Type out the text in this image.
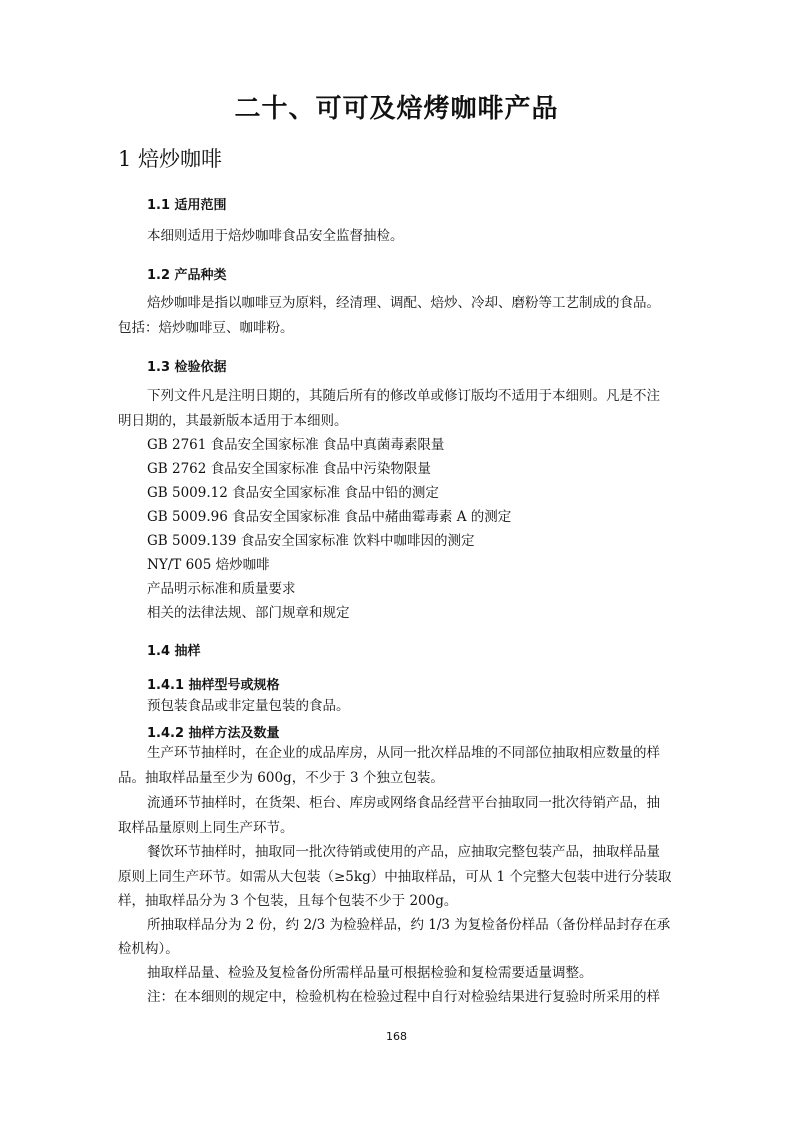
二十、可可及焙烤咖啡产品
1 焙炒咖啡
1.1 适用范围
本细则适用于焙炒咖啡食品安全监督抽检。
1.2 产品种类
焙炒咖啡是指以咖啡豆为原料，经清理、调配、焙炒、冷却、磨粉等工艺制成的食品。
包括：焙炒咖啡豆、咖啡粉。
1.3 检验依据
下列文件凡是注明日期的，其随后所有的修改单或修订版均不适用于本细则。凡是不注
明日期的，其最新版本适用于本细则。
GB 2761 食品安全国家标准 食品中真菌毒素限量
GB 2762 食品安全国家标准 食品中污染物限量
GB 5009.12 食品安全国家标准 食品中铅的测定
GB 5009.96 食品安全国家标准 食品中赭曲霉毒素 A 的测定
GB 5009.139 食品安全国家标准 饮料中咖啡因的测定
NY/T 605 焙炒咖啡
产品明示标准和质量要求
相关的法律法规、部门规章和规定
1.4 抽样
1.4.1 抽样型号或规格
预包装食品或非定量包装的食品。
1.4.2 抽样方法及数量
生产环节抽样时，在企业的成品库房，从同一批次样品堆的不同部位抽取相应数量的样
品。抽取样品量至少为 600g，不少于 3 个独立包装。
流通环节抽样时，在货架、柜台、库房或网络食品经营平台抽取同一批次待销产品，抽
取样品量原则上同生产环节。
餐饮环节抽样时，抽取同一批次待销或使用的产品，应抽取完整包装产品，抽取样品量
原则上同生产环节。如需从大包装（≥5kg）中抽取样品，可从 1 个完整大包装中进行分装取
样，抽取样品分为 3 个包装，且每个包装不少于 200g。
所抽取样品分为 2 份，约 2/3 为检验样品，约 1/3 为复检备份样品（备份样品封存在承
检机构）。
抽取样品量、检验及复检备份所需样品量可根据检验和复检需要适量调整。
注：在本细则的规定中，检验机构在检验过程中自行对检验结果进行复验时所采用的样
168
